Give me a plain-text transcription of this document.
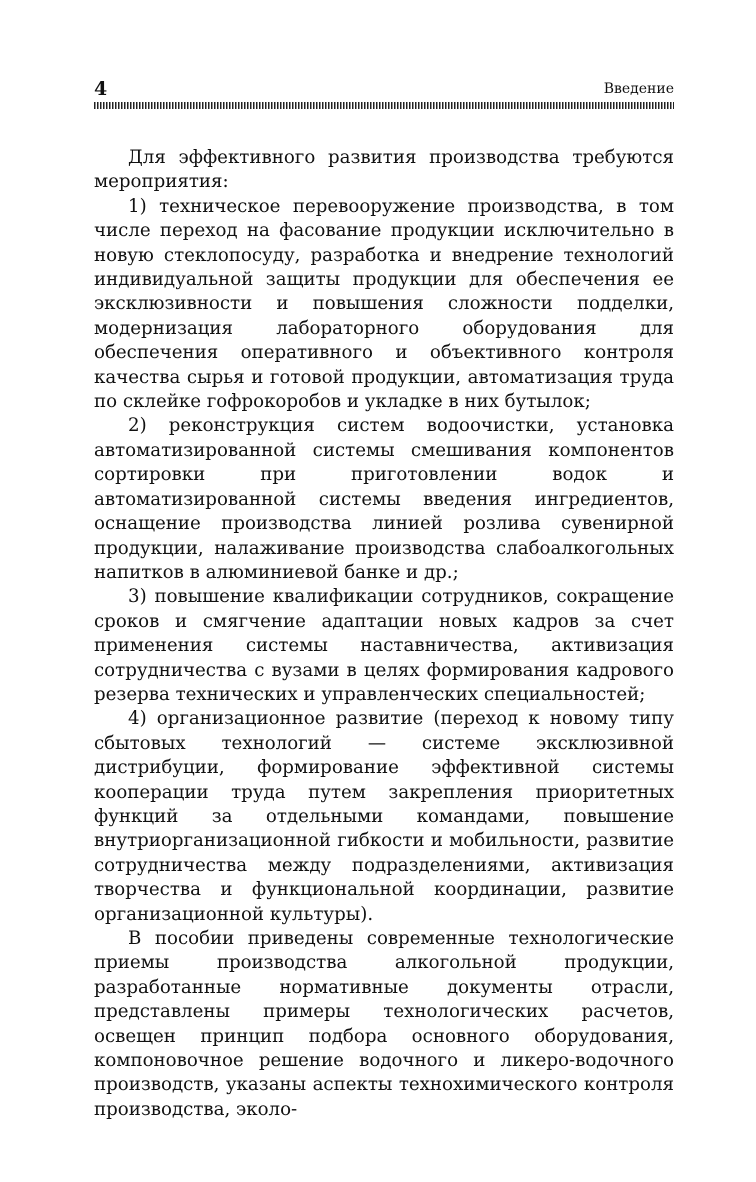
4	Введение

Для эффективного развития производства требуются мероприятия:

1) техническое перевооружение производства, в том числе переход на фасование продукции исключительно в новую стеклопосуду, разработка и внедрение технологий индивидуальной защиты продукции для обеспечения ее эксклюзивности и повышения сложности подделки, модернизация лабораторного оборудования для обеспечения оперативного и объективного контроля качества сырья и готовой продукции, автоматизация труда по склейке гофрокоробов и укладке в них бутылок;

2) реконструкция систем водоочистки, установка автоматизированной системы смешивания компонентов сортировки при приготовлении водок и автоматизированной системы введения ингредиентов, оснащение производства линией розлива сувенирной продукции, налаживание производства слабоалкогольных напитков в алюминиевой банке и др.;

3) повышение квалификации сотрудников, сокращение сроков и смягчение адаптации новых кадров за счет применения системы наставничества, активизация сотрудничества с вузами в целях формирования кадрового резерва технических и управленческих специальностей;

4) организационное развитие (переход к новому типу сбытовых технологий — системе эксклюзивной дистрибуции, формирование эффективной системы кооперации труда путем закрепления приоритетных функций за отдельными командами, повышение внутриорганизационной гибкости и мобильности, развитие сотрудничества между подразделениями, активизация творчества и функциональной координации, развитие организационной культуры).

В пособии приведены современные технологические приемы производства алкогольной продукции, разработанные нормативные документы отрасли, представлены примеры технологических расчетов, освещен принцип подбора основного оборудования, компоновочное решение водочного и ликеро-водочного производств, указаны аспекты технохимического контроля производства, эколо-
